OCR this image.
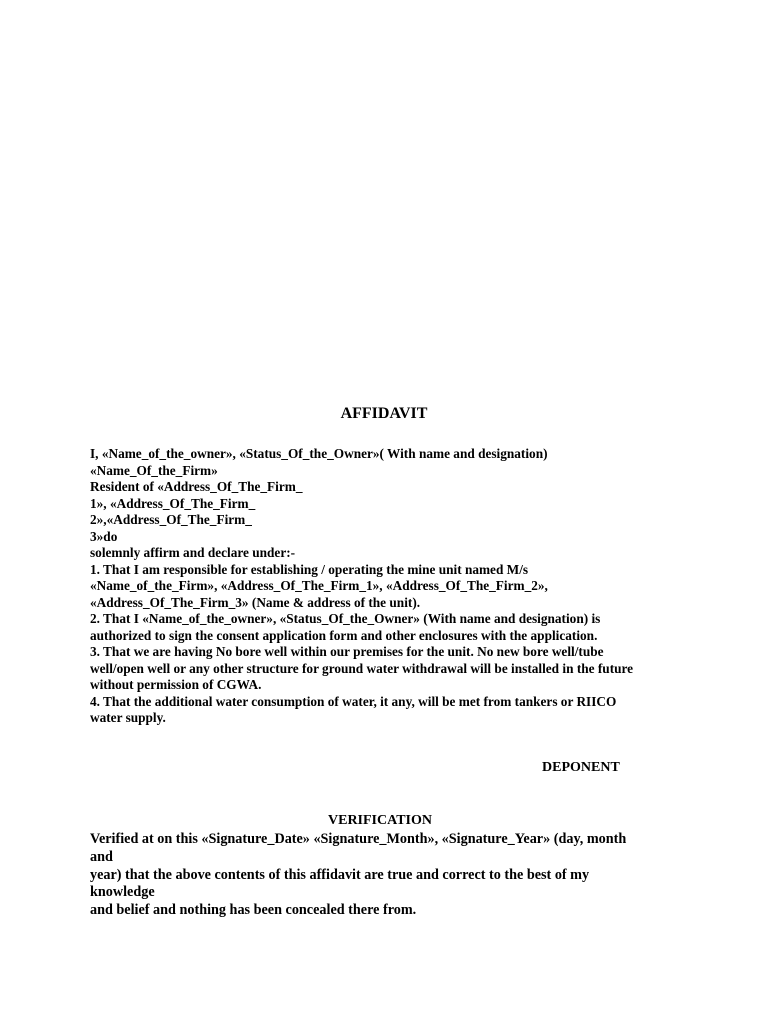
AFFIDAVIT

I, «Name_of_the_owner», «Status_Of_the_Owner»( With name and designation)

«Name_Of_the_Firm»

Resident of «Address_Of_The_Firm_

1», «Address_Of_The_Firm_

2»,«Address_Of_The_Firm_

3»do

solemnly affirm and declare under:-

1. That I am responsible for establishing / operating the mine unit named M/s

«Name_of_the_Firm», «Address_Of_The_Firm_1», «Address_Of_The_Firm_2»,

«Address_Of_The_Firm_3» (Name & address of the unit).

2. That I «Name_of_the_owner», «Status_Of_the_Owner» (With name and designation) is

authorized to sign the consent application form and other enclosures with the application.

3. That we are having No bore well within our premises for the unit. No new bore well/tube

well/open well or any other structure for ground water withdrawal will be installed in the future

without permission of CGWA.

4. That the additional water consumption of water, it any, will be met from tankers or RIICO

water supply.

DEPONENT
VERIFICATION

Verified at on this «Signature_Date» «Signature_Month», «Signature_Year» (day, month

and

year) that the above contents of this affidavit are true and correct to the best of my

knowledge

and belief and nothing has been concealed there from.
